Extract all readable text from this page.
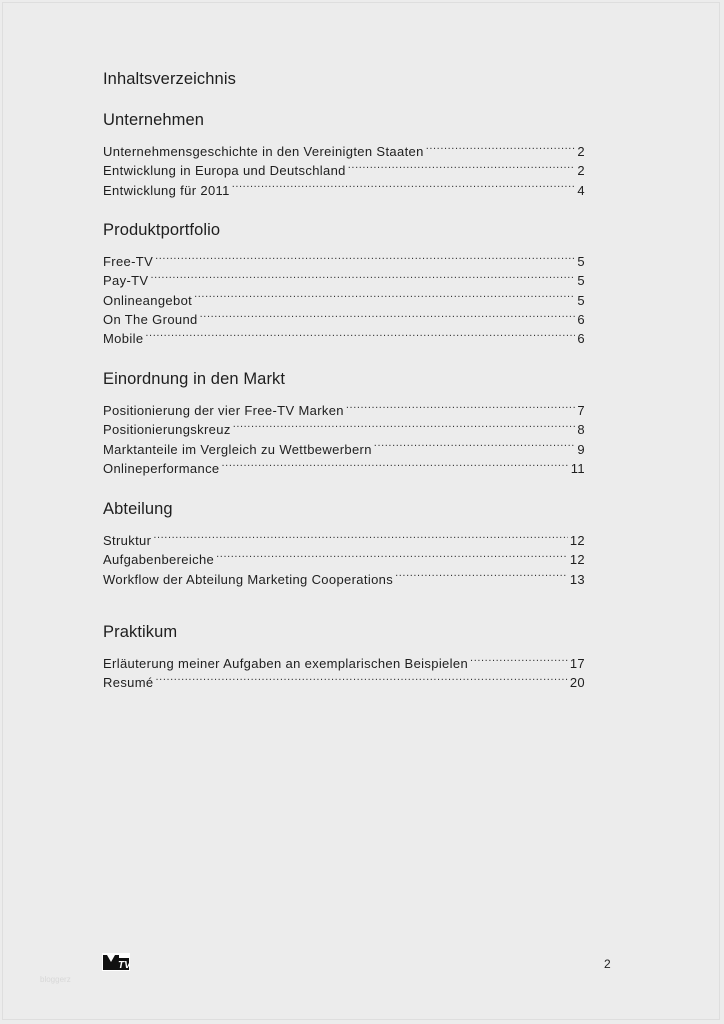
Inhaltsverzeichnis
Unternehmen
Unternehmensgeschichte in den Vereinigten Staaten .....	2
Entwicklung in Europa und Deutschland .....	2
Entwicklung für 2011 .....	4
Produktportfolio
Free-TV .....	5
Pay-TV .....	5
Onlineangebot .....	5
On The Ground .....	6
Mobile .....	6
Einordnung in den Markt
Positionierung der vier Free-TV Marken .....	7
Positionierungskreuz .....	8
Marktanteile im Vergleich zu Wettbewerbern .....	9
Onlineperformance .....	11
Abteilung
Struktur .....	12
Aufgabenbereiche .....	12
Workflow der Abteilung Marketing Cooperations .....	13
Praktikum
Erläuterung meiner Aufgaben an exemplarischen Beispielen .....	17
Resumé .....	20
TV	2
bloggerz
